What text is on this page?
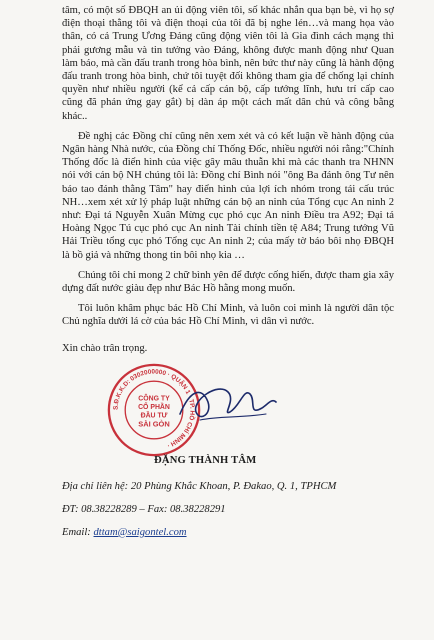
tâm, có một số ĐBQH an ủi động viên tôi, số khác nhắn qua bạn bè, vì họ sợ điện thoại thằng tôi và điện thoại của tôi đã bị nghe lén…và mang họa vào thân, có cả Trung Ương Đảng cũng động viên tôi là Gia đình cách mạng thì phải gương mẫu và tin tưởng vào Đảng, không được manh động như Quan làm báo, mà cần đấu tranh trong hòa bình, nên bức thư này cũng là hành động đấu tranh trong hòa bình, chứ tôi tuyệt đối không tham gia để chống lại chính quyền như nhiều người (kể cả cấp cán bộ, cấp tướng lĩnh, hưu trí cấp cao cũng đã phản ứng gay gắt) bị dàn áp một cách mất dân chủ và công bằng khác..

Đề nghị các Đồng chí cũng nên xem xét và có kết luận về hành động của Ngân hàng Nhà nước, của Đồng chí Thống Đốc, nhiều người nói rằng:"Chính Thống đốc là điển hình của việc gây mâu thuẫn khi mà các thanh tra NHNN nói với cán bộ NH chúng tôi là: Đồng chí Bình nói "ông Ba đánh ông Tư nên báo tao đánh thằng Tâm" hay điển hình của lợi ích nhóm trong tái cấu trúc NH…xem xét xử lý pháp luật những cán bộ an ninh của Tổng cục An ninh 2 như: Đại tá Nguyễn Xuân Mừng cục phó cục An ninh Điều tra A92; Đại tá Hoàng Ngọc Tú cục phó cục An ninh Tài chính tiền tệ A84; Trung tướng Vũ Hải Triều tổng cục phó Tổng cục An ninh 2; của mấy tờ báo bôi nhọ ĐBQH là bồ giả và những thong tin bôi nhọ kia …

Chúng tôi chỉ mong 2 chữ bình yên để được cống hiến, được tham gia xây dựng đất nước giàu đẹp như Bác Hồ hằng mong muốn.

Tôi luôn khâm phục bác Hồ Chí Minh, và luôn coi mình là người dân tộc Chủ nghĩa dưới lá cờ của bác Hồ Chí Minh, vì dân vì nước.

Xin chào trân trọng.
S.Đ.K.K.D: 0302000000 · QUẬN 1 · TP. HỒ CHÍ MINH ·
CÔNG TY
CỔ PHẦN
ĐẦU TƯ
SÀI GÒN
ĐẶNG THÀNH TÂM

Địa chỉ liên hệ: 20 Phùng Khắc Khoan, P. Đakao, Q. 1, TPHCM

ĐT: 08.38228289 – Fax: 08.38228291

Email: dttam@saigontel.com
